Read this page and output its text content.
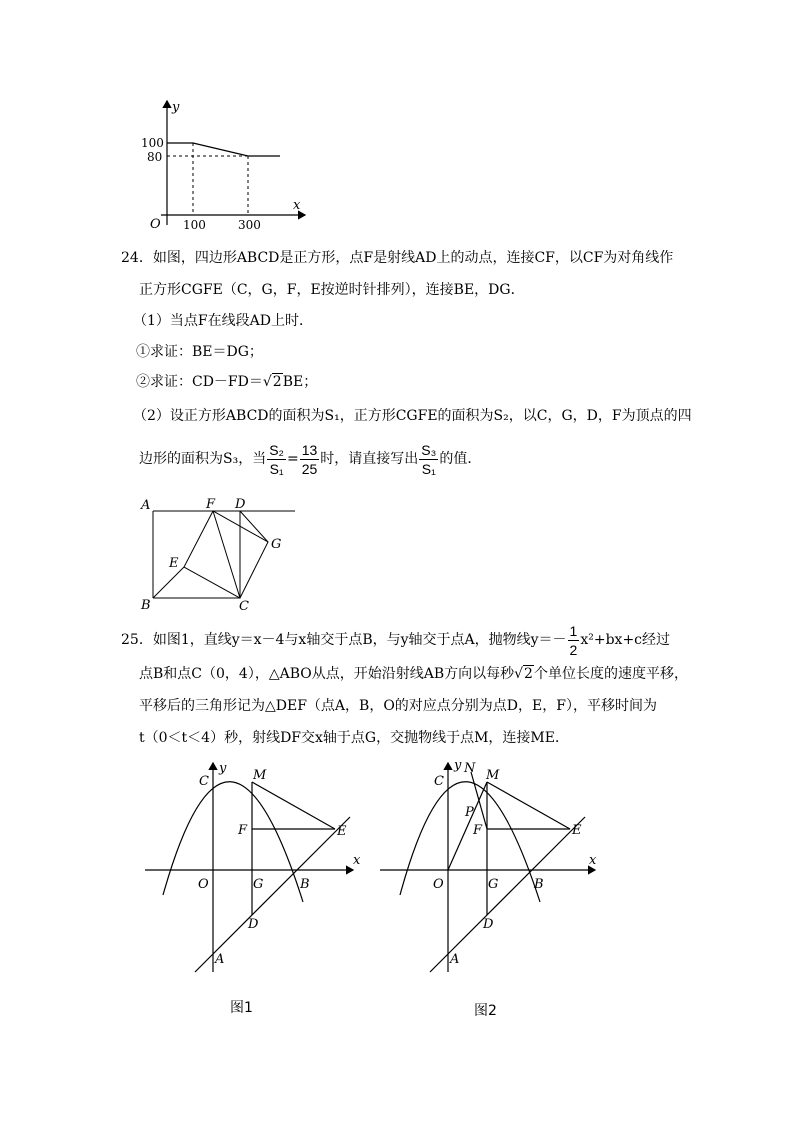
y
x
O
100
80
100	300
24．如图，四边形ABCD是正方形，点F是射线AD上的动点，连接CF，以CF为对角线作
正方形CGFE（C，G，F，E按逆时针排列），连接BE，DG．
（1）当点F在线段AD上时．
①求证：BE＝DG；
②求证：CD－FD＝√2BE；
（2）设正方形ABCD的面积为S₁，正方形CGFE的面积为S₂，以C，G，D，F为顶点的四
边形的面积为S₃，当 $\frac{\text{S₂}}{\text{S₁}} = \frac{13}{25}$ 时，请直接写出 $\frac{\text{S₃}}{\text{S₁}}$ 的值．
A	F D
G
E
B	C
25．如图1，直线y＝x－4与x轴交于点B，与y轴交于点A，抛物线$y=- \frac{1}{2} x^2+bx+c$经过
点B和点C（0，4），△ABO从点，开始沿射线AB方向以每秒√2个单位长度的速度平移，
平移后的三角形记为△DEF（点A，B，O的对应点分别为点D，E，F），平移时间为
t（0＜t＜4）秒，射线DF交x轴于点G，交抛物线于点M，连接ME．
y
x
C	M
F	E
O	G	B
D
A
图1
y
x
C
N M
P
F	E
O	G	B
D
A
图2
